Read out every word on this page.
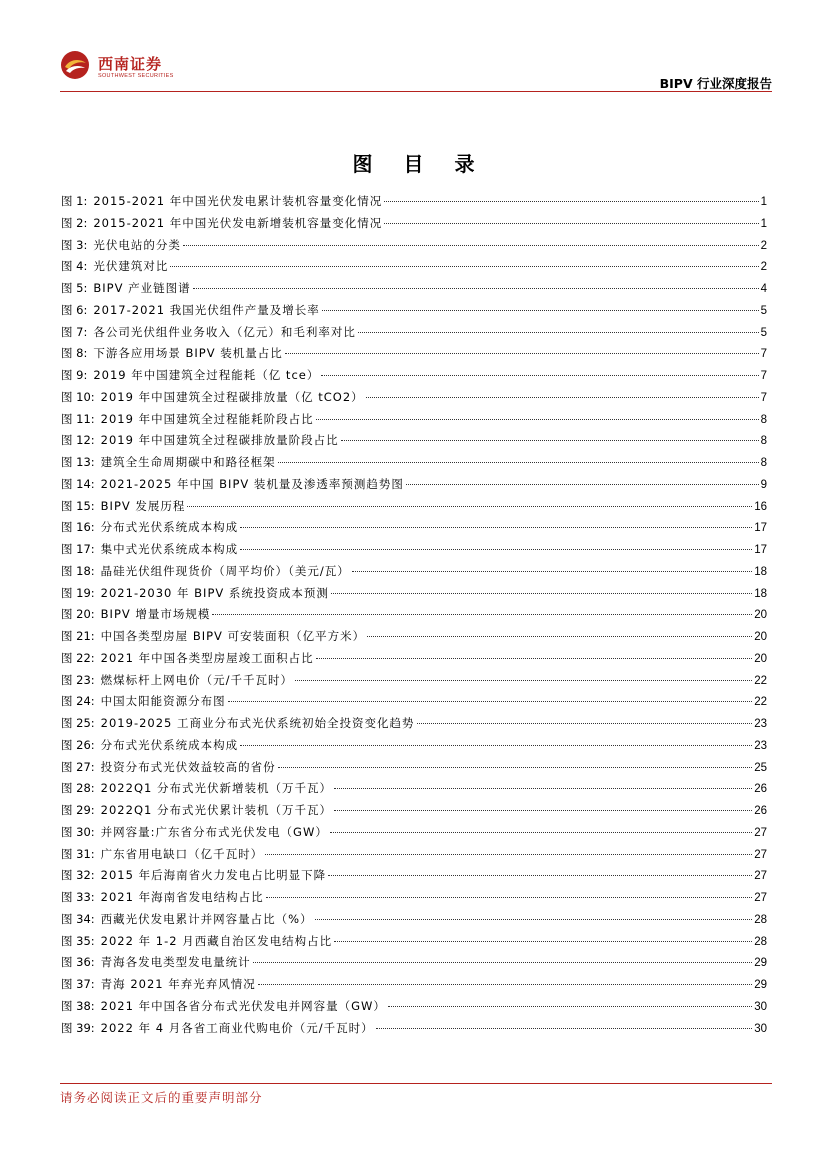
西南证券
SOUTHWEST SECURITIES	BIPV 行业深度报告
图 目 录
图 1: 2015-2021 年中国光伏发电累计装机容量变化情况	1
图 2: 2015-2021 年中国光伏发电新增装机容量变化情况	1
图 3: 光伏电站的分类	2
图 4: 光伏建筑对比	2
图 5: BIPV 产业链图谱	4
图 6: 2017-2021 我国光伏组件产量及增长率	5
图 7: 各公司光伏组件业务收入（亿元）和毛利率对比	5
图 8: 下游各应用场景 BIPV 装机量占比	7
图 9: 2019 年中国建筑全过程能耗（亿 tce）	7
图 10: 2019 年中国建筑全过程碳排放量（亿 tCO2）	7
图 11: 2019 年中国建筑全过程能耗阶段占比	8
图 12: 2019 年中国建筑全过程碳排放量阶段占比	8
图 13: 建筑全生命周期碳中和路径框架	8
图 14: 2021-2025 年中国 BIPV 装机量及渗透率预测趋势图	9
图 15: BIPV 发展历程	16
图 16: 分布式光伏系统成本构成	17
图 17: 集中式光伏系统成本构成	17
图 18: 晶硅光伏组件现货价（周平均价）（美元/瓦）	18
图 19: 2021-2030 年 BIPV 系统投资成本预测	18
图 20: BIPV 增量市场规模	20
图 21: 中国各类型房屋 BIPV 可安装面积（亿平方米）	20
图 22: 2021 年中国各类型房屋竣工面积占比	20
图 23: 燃煤标杆上网电价（元/千千瓦时）	22
图 24: 中国太阳能资源分布图	22
图 25: 2019-2025 工商业分布式光伏系统初始全投资变化趋势	23
图 26: 分布式光伏系统成本构成	23
图 27: 投资分布式光伏效益较高的省份	25
图 28: 2022Q1 分布式光伏新增装机（万千瓦）	26
图 29: 2022Q1 分布式光伏累计装机（万千瓦）	26
图 30: 并网容量:广东省分布式光伏发电（GW）	27
图 31: 广东省用电缺口（亿千瓦时）	27
图 32: 2015 年后海南省火力发电占比明显下降	27
图 33: 2021 年海南省发电结构占比	27
图 34: 西藏光伏发电累计并网容量占比（%）	28
图 35: 2022 年 1-2 月西藏自治区发电结构占比	28
图 36: 青海各发电类型发电量统计	29
图 37: 青海 2021 年弃光弃风情况	29
图 38: 2021 年中国各省分布式光伏发电并网容量（GW）	30
图 39: 2022 年 4 月各省工商业代购电价（元/千瓦时）	30
请务必阅读正文后的重要声明部分
